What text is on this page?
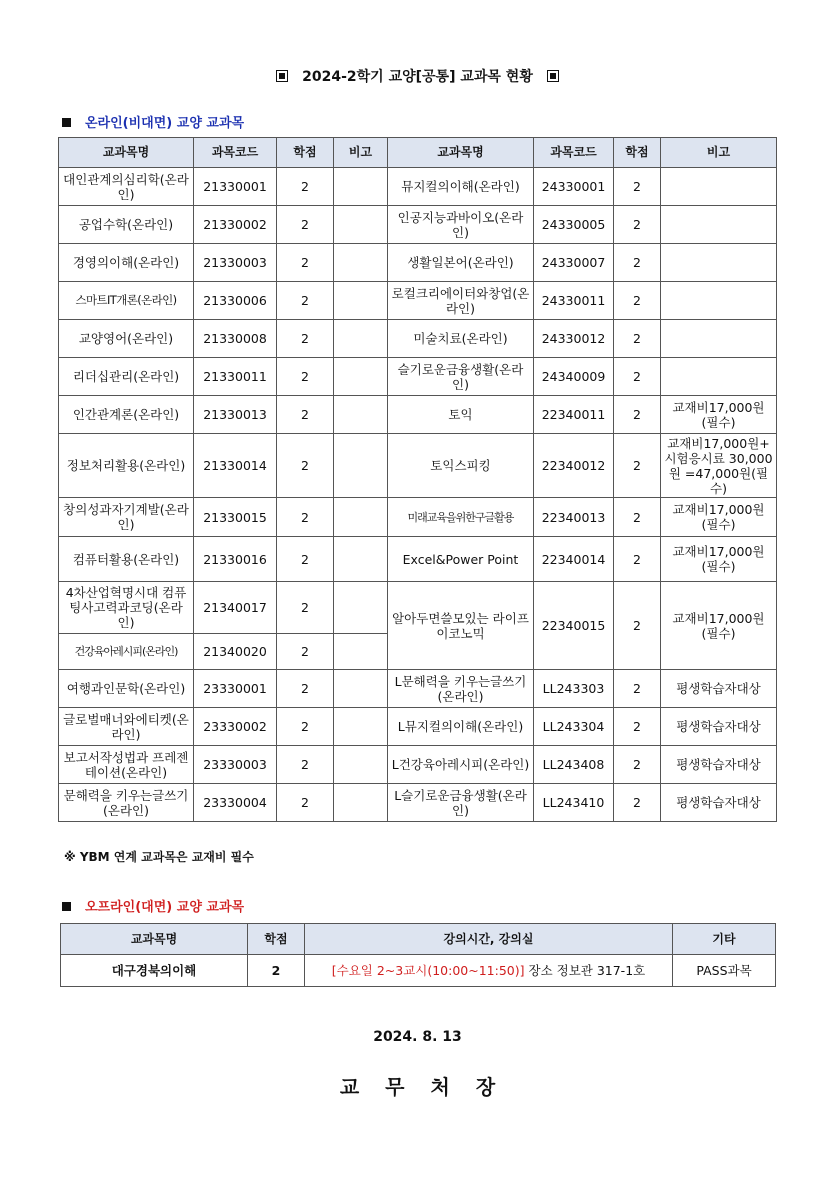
2024-2학기 교양[공통] 교과목 현황
온라인(비대면) 교양 교과목
교과목명	과목코드	학점	비고	교과목명	과목코드	학점	비고
대인관계의심리학(온라인)	21330001	2		뮤지컬의이해(온라인)	24330001	2	
공업수학(온라인)	21330002	2		인공지능과바이오(온라인)	24330005	2	
경영의이해(온라인)	21330003	2		생활일본어(온라인)	24330007	2	
스마트IT개론(온라인)	21330006	2		로컬크리에이터와창업(온라인)	24330011	2	
교양영어(온라인)	21330008	2		미술치료(온라인)	24330012	2	
리더십관리(온라인)	21330011	2		슬기로운금융생활(온라인)	24340009	2	
인간관계론(온라인)	21330013	2		토익	22340011	2	교재비17,000원 (필수)
정보처리활용(온라인)	21330014	2		토익스피킹	22340012	2	교재비17,000원+ 시험응시료 30,000원 =47,000원(필수)
창의성과자기계발(온라인)	21330015	2		미래교육을위한구글활용	22340013	2	교재비17,000원 (필수)
컴퓨터활용(온라인)	21330016	2		Excel&Power Point	22340014	2	교재비17,000원 (필수)
4차산업혁명시대 컴퓨팅사고력과코딩(온라인)	21340017	2		알아두면쓸모있는 라이프이코노믹	22340015	2	교재비17,000원 (필수)
건강육아레시피(온라인)	21340020	2					
여행과인문학(온라인)	23330001	2		L문해력을 키우는글쓰기(온라인)	LL243303	2	평생학습자대상
글로벌매너와에티켓(온라인)	23330002	2		L뮤지컬의이해(온라인)	LL243304	2	평생학습자대상
보고서작성법과 프레젠테이션(온라인)	23330003	2		L건강육아레시피(온라인)	LL243408	2	평생학습자대상
문해력을 키우는글쓰기(온라인)	23330004	2		L슬기로운금융생활(온라인)	LL243410	2	평생학습자대상
※ YBM 연계 교과목은 교재비 필수
오프라인(대면) 교양 교과목
교과목명	학점	강의시간, 강의실	기타
대구경북의이해	2	[수요일 2~3교시(10:00~11:50)] 장소 정보관 317-1호	PASS과목
2024. 8. 13
교무처장
